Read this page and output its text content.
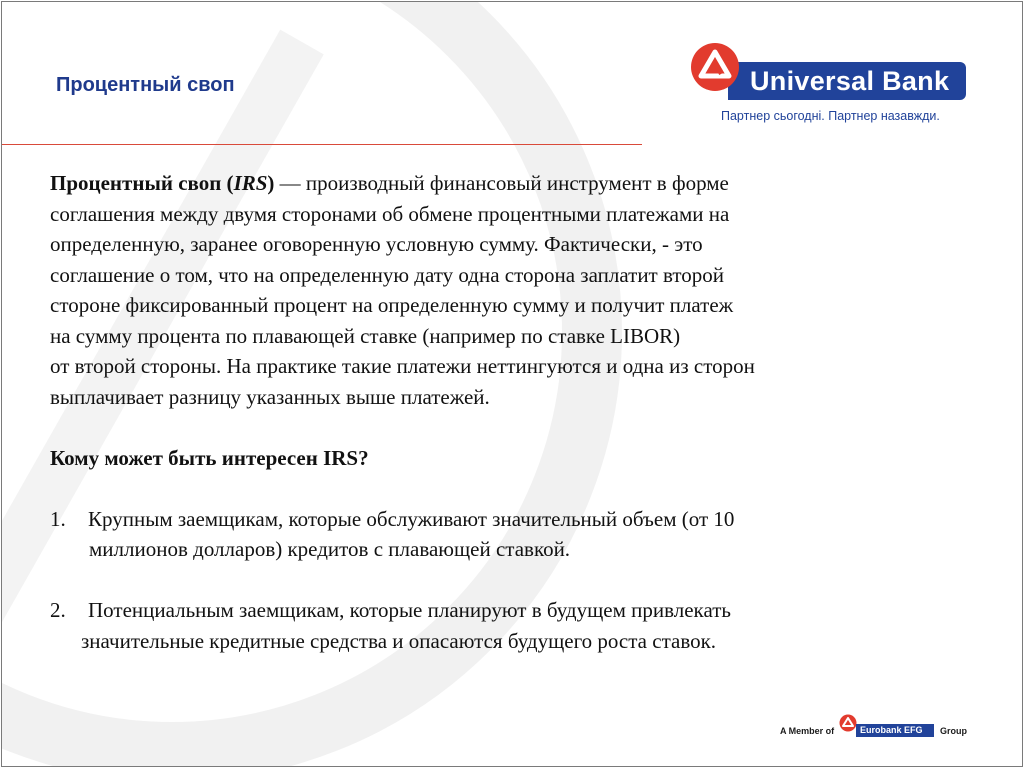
Процентный своп	Universal Bank
Партнер сьогодні. Партнер назавжди.

Процентный своп (IRS) — производный финансовый инструмент в форме

соглашения между двумя сторонами об обмене процентными платежами на

определенную, заранее оговоренную условную сумму. Фактически, - это

соглашение о том, что на определенную дату одна сторона заплатит второй

стороне фиксированный процент на определенную сумму и получит платеж

на сумму процента по плавающей ставке (например по ставке LIBOR)

от второй стороны. На практике такие платежи неттингуются и одна из сторон

выплачивает разницу указанных выше платежей.

Кому может быть интересен IRS?

1. Крупным заемщикам, которые обслуживают значительный объем (от 10

миллионов долларов) кредитов с плавающей ставкой.

2. Потенциальным заемщикам, которые планируют в будущем привлекать

значительные кредитные средства и опасаются будущего роста ставок.

A Member of	Eurobank EFG Group
